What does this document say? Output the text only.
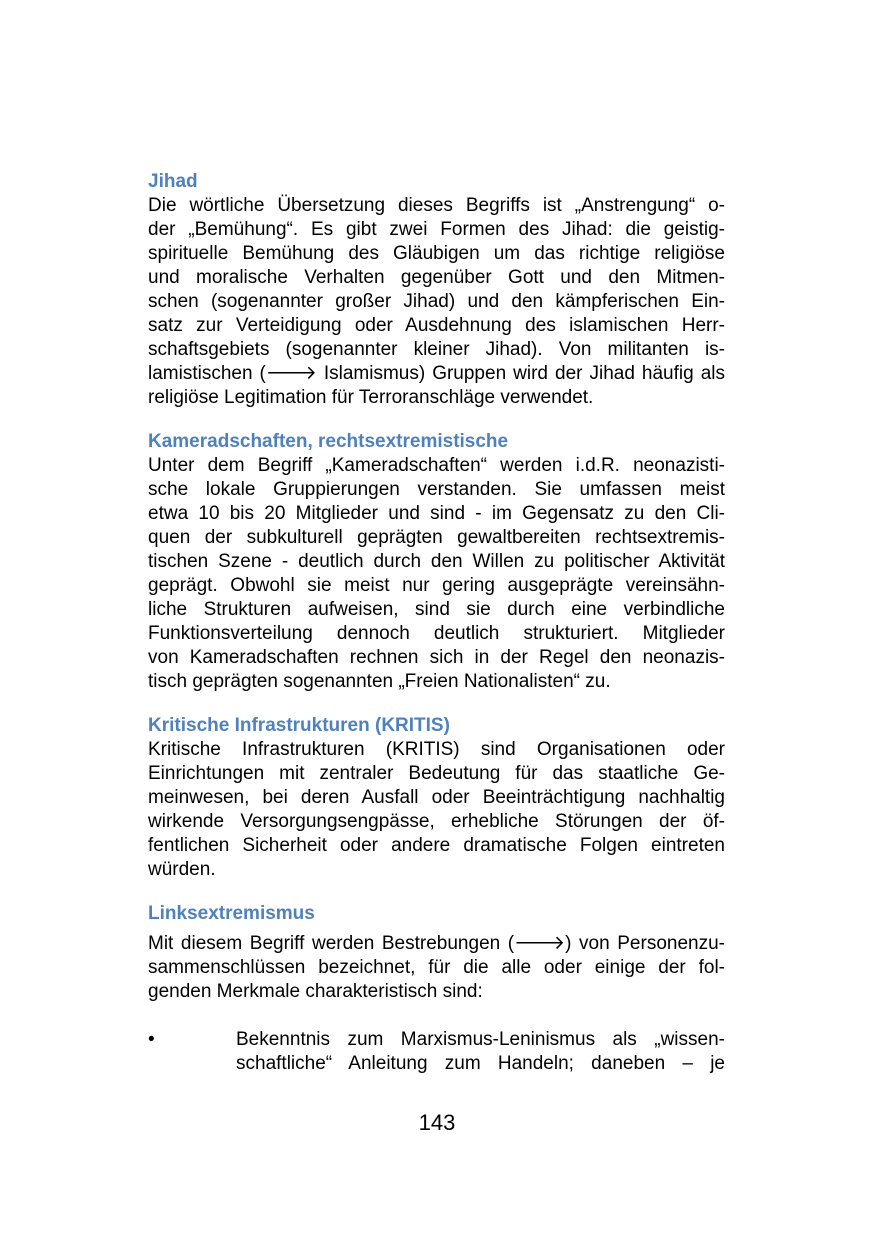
Jihad
Die wörtliche Übersetzung dieses Begriffs ist „Anstrengung“ o-
der „Bemühung“. Es gibt zwei Formen des Jihad: die geistig-
spirituelle Bemühung des Gläubigen um das richtige religiöse
und moralische Verhalten gegenüber Gott und den Mitmen-
schen (sogenannter großer Jihad) und den kämpferischen Ein-
satz zur Verteidigung oder Ausdehnung des islamischen Herr-
schaftsgebiets (sogenannter kleiner Jihad). Von militanten is-
lamistischen (🡒 Islamismus) Gruppen wird der Jihad häufig als
religiöse Legitimation für Terroranschläge verwendet.
Kameradschaften, rechtsextremistische
Unter dem Begriff „Kameradschaften“ werden i.d.R. neonazisti-
sche lokale Gruppierungen verstanden. Sie umfassen meist
etwa 10 bis 20 Mitglieder und sind - im Gegensatz zu den Cli-
quen der subkulturell geprägten gewaltbereiten rechtsextremis-
tischen Szene - deutlich durch den Willen zu politischer Aktivität
geprägt. Obwohl sie meist nur gering ausgeprägte vereinsähn-
liche Strukturen aufweisen, sind sie durch eine verbindliche
Funktionsverteilung dennoch deutlich strukturiert. Mitglieder
von Kameradschaften rechnen sich in der Regel den neonazis-
tisch geprägten sogenannten „Freien Nationalisten“ zu.
Kritische Infrastrukturen (KRITIS)
Kritische Infrastrukturen (KRITIS) sind Organisationen oder
Einrichtungen mit zentraler Bedeutung für das staatliche Ge-
meinwesen, bei deren Ausfall oder Beeinträchtigung nachhaltig
wirkende Versorgungsengpässe, erhebliche Störungen der öf-
fentlichen Sicherheit oder andere dramatische Folgen eintreten
würden.
Linksextremismus
Mit diesem Begriff werden Bestrebungen (🡒) von Personenzu-
sammenschlüssen bezeichnet, für die alle oder einige der fol-
genden Merkmale charakteristisch sind:
•	Bekenntnis zum Marxismus-Leninismus als „wissen-
schaftliche“ Anleitung zum Handeln; daneben – je
143
